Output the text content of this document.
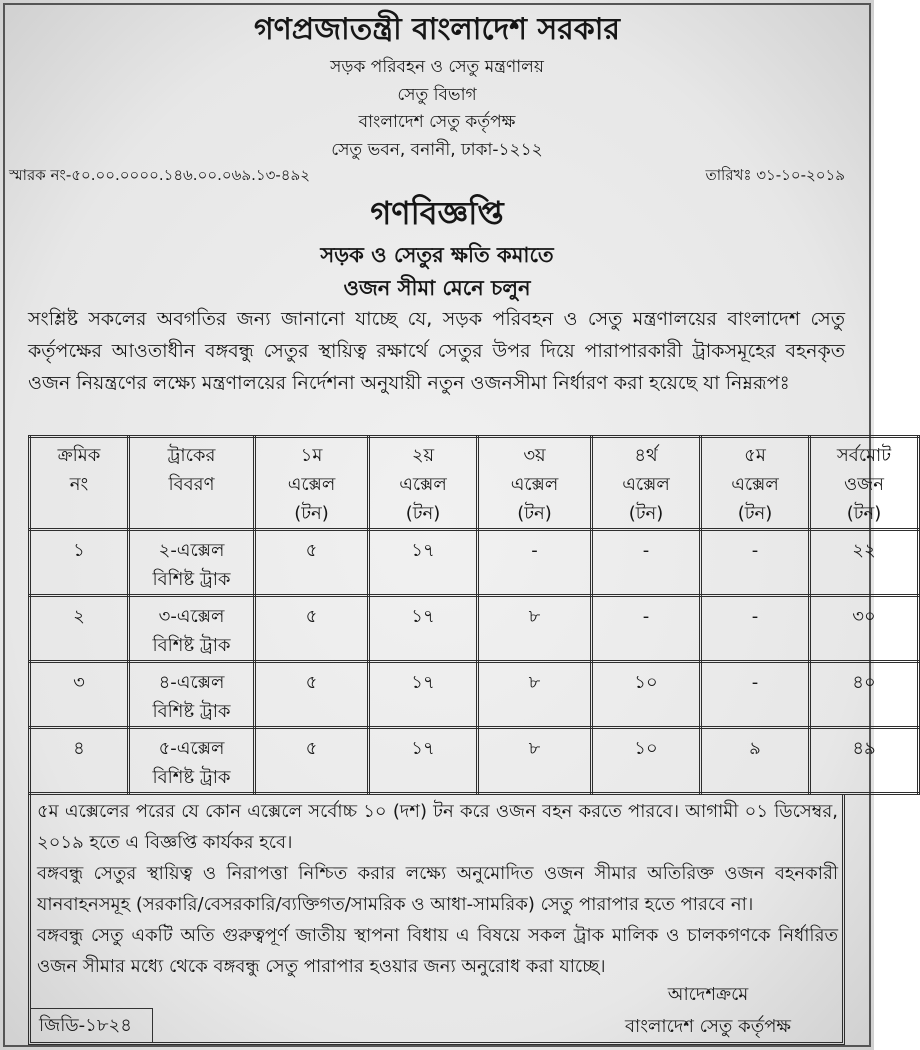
গণপ্রজাতন্ত্রী বাংলাদেশ সরকার
সড়ক পরিবহন ও সেতু মন্ত্রণালয়
সেতু বিভাগ
বাংলাদেশ সেতু কর্তৃপক্ষ
সেতু ভবন, বনানী, ঢাকা-১২১২
স্মারক নং-৫০.০০.০০০০.১৪৬.০০.০৬৯.১৩-৪৯২	তারিখঃ ৩১-১০-২০১৯
গণবিজ্ঞপ্তি
সড়ক ও সেতুর ক্ষতি কমাতে
ওজন সীমা মেনে চলুন
সংশ্লিষ্ট সকলের অবগতির জন্য জানানো যাচ্ছে যে, সড়ক পরিবহন ও সেতু মন্ত্রণালয়ের বাংলাদেশ সেতু কর্তৃপক্ষের আওতাধীন বঙ্গবন্ধু সেতুর স্থায়িত্ব রক্ষার্থে সেতুর উপর দিয়ে পারাপারকারী ট্রাকসমূহের বহনকৃত ওজন নিয়ন্ত্রণের লক্ষ্যে মন্ত্রণালয়ের নির্দেশনা অনুযায়ী নতুন ওজনসীমা নির্ধারণ করা হয়েছে যা নিম্নরূপঃ
ক্রমিক
নং	ট্রাকের
বিবরণ	১ম
এক্সেল
(টন)	২য়
এক্সেল
(টন)	৩য়
এক্সেল
(টন)	৪র্থ
এক্সেল
(টন)	৫ম
এক্সেল
(টন)	সর্বমোট
ওজন
(টন)
১	২-এক্সেল
বিশিষ্ট ট্রাক	৫	১৭	-	-	-	২২
২	৩-এক্সেল
বিশিষ্ট ট্রাক	৫	১৭	৮	-	-	৩০
৩	৪-এক্সেল
বিশিষ্ট ট্রাক	৫	১৭	৮	১০	-	৪০
৪	৫-এক্সেল
বিশিষ্ট ট্রাক	৫	১৭	৮	১০	৯	৪৯

৫ম এক্সেলের পরের যে কোন এক্সেলে সর্বোচ্চ ১০ (দশ) টন করে ওজন বহন করতে পারবে। আগামী ০১ ডিসেম্বর, ২০১৯ হতে এ বিজ্ঞপ্তি কার্যকর হবে।

বঙ্গবন্ধু সেতুর স্থায়িত্ব ও নিরাপত্তা নিশ্চিত করার লক্ষ্যে অনুমোদিত ওজন সীমার অতিরিক্ত ওজন বহনকারী যানবাহনসমূহ (সরকারি/বেসরকারি/ব্যক্তিগত/সামরিক ও আধা-সামরিক) সেতু পারাপার হতে পারবে না।

বঙ্গবন্ধু সেতু একটি অতি গুরুত্বপূর্ণ জাতীয় স্থাপনা বিধায় এ বিষয়ে সকল ট্রাক মালিক ও চালকগণকে নির্ধারিত ওজন সীমার মধ্যে থেকে বঙ্গবন্ধু সেতু পারাপার হওয়ার জন্য অনুরোধ করা যাচ্ছে।

আদেশক্রমে
বাংলাদেশ সেতু কর্তৃপক্ষ
জিডি-১৮২৪
